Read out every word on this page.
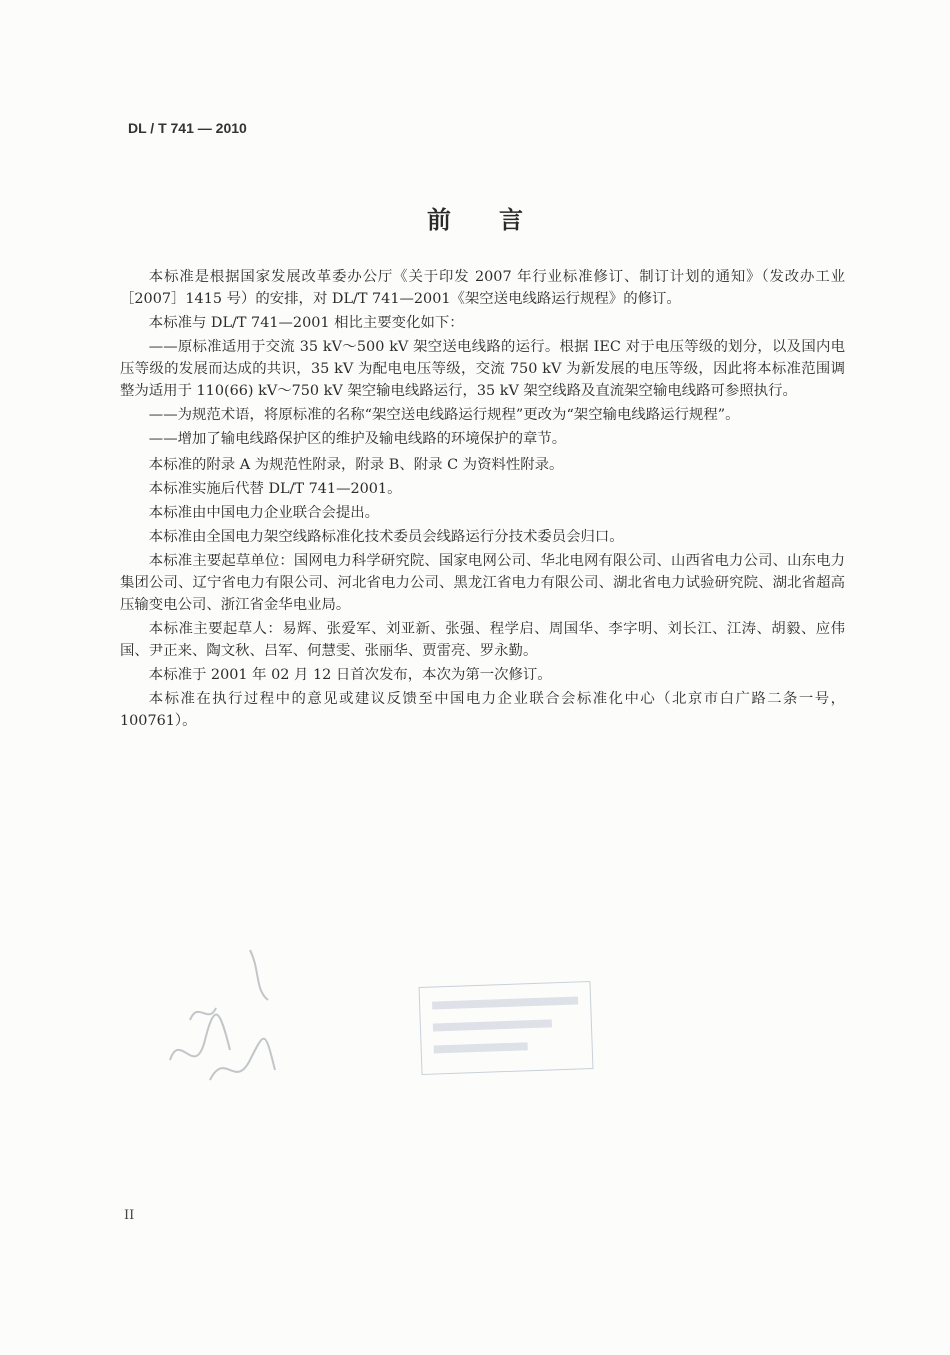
DL / T 741 — 2010
前言

本标准是根据国家发展改革委办公厅《关于印发 2007 年行业标准修订、制订计划的通知》（发改办工业［2007］1415 号）的安排，对 DL/T 741—2001《架空送电线路运行规程》的修订。

本标准与 DL/T 741—2001 相比主要变化如下：

——原标准适用于交流 35 kV～500 kV 架空送电线路的运行。根据 IEC 对于电压等级的划分，以及国内电压等级的发展而达成的共识，35 kV 为配电电压等级，交流 750 kV 为新发展的电压等级，因此将本标准范围调整为适用于 110(66) kV～750 kV 架空输电线路运行，35 kV 架空线路及直流架空输电线路可参照执行。

——为规范术语，将原标准的名称“架空送电线路运行规程”更改为“架空输电线路运行规程”。

——增加了输电线路保护区的维护及输电线路的环境保护的章节。

本标准的附录 A 为规范性附录，附录 B、附录 C 为资料性附录。

本标准实施后代替 DL/T 741—2001。

本标准由中国电力企业联合会提出。

本标准由全国电力架空线路标准化技术委员会线路运行分技术委员会归口。

本标准主要起草单位：国网电力科学研究院、国家电网公司、华北电网有限公司、山西省电力公司、山东电力集团公司、辽宁省电力有限公司、河北省电力公司、黑龙江省电力有限公司、湖北省电力试验研究院、湖北省超高压输变电公司、浙江省金华电业局。

本标准主要起草人：易辉、张爱军、刘亚新、张强、程学启、周国华、李字明、刘长江、江涛、胡毅、应伟国、尹正来、陶文秋、吕军、何慧雯、张丽华、贾雷亮、罗永勤。

本标准于 2001 年 02 月 12 日首次发布，本次为第一次修订。

本标准在执行过程中的意见或建议反馈至中国电力企业联合会标准化中心（北京市白广路二条一号，100761）。

II
